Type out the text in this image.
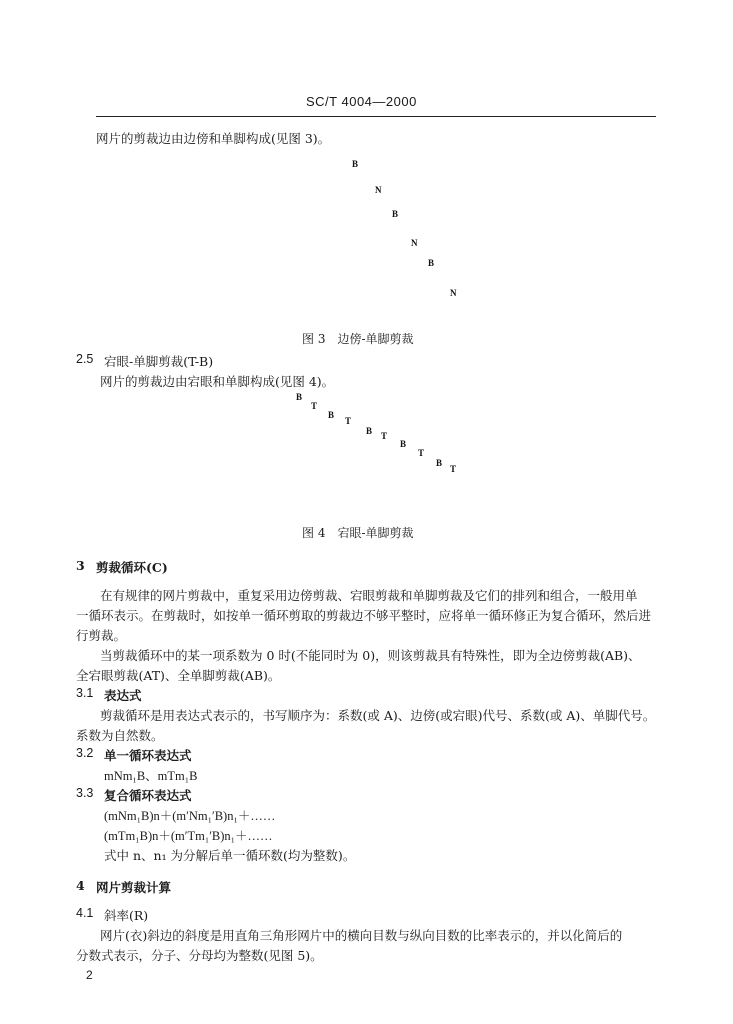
SC/T 4004—2000
网片的剪裁边由边傍和单脚构成(见图 3)。
B
N
B
N
B
N
图 3　边傍-单脚剪裁
2.5 宕眼-单脚剪裁(T-B)
网片的剪裁边由宕眼和单脚构成(见图 4)。
B
T
B
T
B T
B
T
B
T
图 4　宕眼-单脚剪裁
3 剪裁循环(C)
在有规律的网片剪裁中，重复采用边傍剪裁、宕眼剪裁和单脚剪裁及它们的排列和组合，一般用单
一循环表示。在剪裁时，如按单一循环剪取的剪裁边不够平整时，应将单一循环修正为复合循环，然后进
行剪裁。
当剪裁循环中的某一项系数为 0 时(不能同时为 0)，则该剪裁具有特殊性，即为全边傍剪裁(AB)、
全宕眼剪裁(AT)、全单脚剪裁(AB)。
3.1 表达式
剪裁循环是用表达式表示的，书写顺序为：系数(或 A)、边傍(或宕眼)代号、系数(或 A)、单脚代号。
系数为自然数。
3.2 单一循环表达式
mNm₁B、mTm₁B
3.3 复合循环表达式
(mNm₁B)n＋(m′Nm₁′B)n₁＋……
(mTm₁B)n＋(m′Tm₁′B)n₁＋……
式中 n、n₁ 为分解后单一循环数(均为整数)。
4 网片剪裁计算
4.1 斜率(R)
网片(衣)斜边的斜度是用直角三角形网片中的横向目数与纵向目数的比率表示的，并以化简后的
分数式表示，分子、分母均为整数(见图 5)。
2
